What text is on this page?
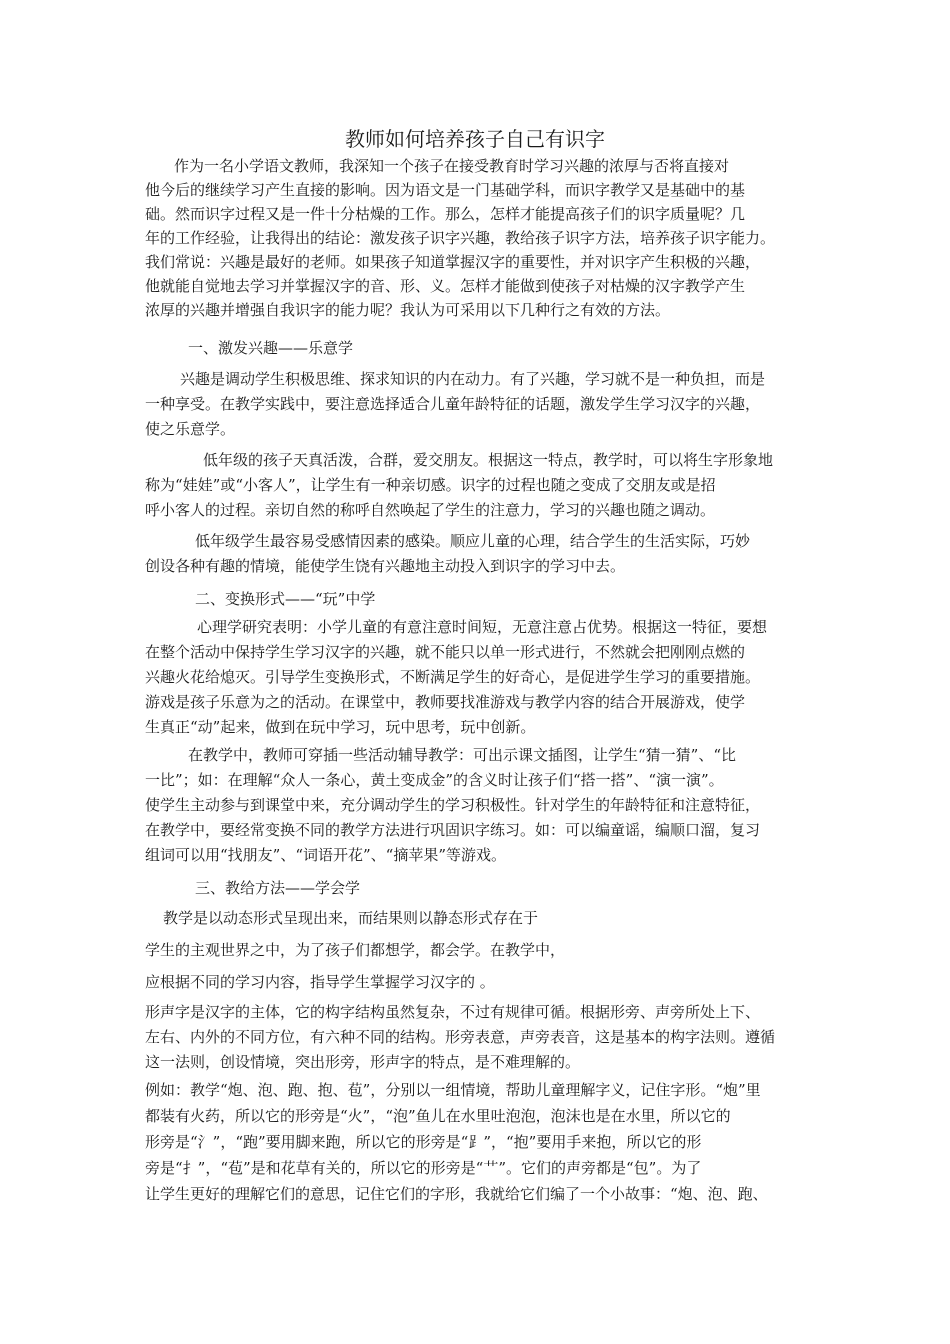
教师如何培养孩子自己有识字
作为一名小学语文教师，我深知一个孩子在接受教育时学习兴趣的浓厚与否将直接对
他今后的继续学习产生直接的影响。因为语文是一门基础学科，而识字教学又是基础中的基
础。然而识字过程又是一件十分枯燥的工作。那么，怎样才能提高孩子们的识字质量呢？几
年的工作经验，让我得出的结论：激发孩子识字兴趣，教给孩子识字方法，培养孩子识字能力。
我们常说：兴趣是最好的老师。如果孩子知道掌握汉字的重要性，并对识字产生积极的兴趣，
他就能自觉地去学习并掌握汉字的音、形、义。怎样才能做到使孩子对枯燥的汉字教学产生
浓厚的兴趣并增强自我识字的能力呢？我认为可采用以下几种行之有效的方法。
一、激发兴趣——乐意学
兴趣是调动学生积极思维、探求知识的内在动力。有了兴趣，学习就不是一种负担，而是
一种享受。在教学实践中，要注意选择适合儿童年龄特征的话题，激发学生学习汉字的兴趣，
使之乐意学。
低年级的孩子天真活泼，合群，爱交朋友。根据这一特点，教学时，可以将生字形象地
称为“娃娃”或“小客人”，让学生有一种亲切感。识字的过程也随之变成了交朋友或是招
呼小客人的过程。亲切自然的称呼自然唤起了学生的注意力，学习的兴趣也随之调动。
低年级学生最容易受感情因素的感染。顺应儿童的心理，结合学生的生活实际，巧妙
创设各种有趣的情境，能使学生饶有兴趣地主动投入到识字的学习中去。
二、变换形式——“玩”中学
心理学研究表明：小学儿童的有意注意时间短，无意注意占优势。根据这一特征，要想
在整个活动中保持学生学习汉字的兴趣，就不能只以单一形式进行，不然就会把刚刚点燃的
兴趣火花给熄灭。引导学生变换形式，不断满足学生的好奇心，是促进学生学习的重要措施。
游戏是孩子乐意为之的活动。在课堂中，教师要找准游戏与教学内容的结合开展游戏，使学
生真正“动”起来，做到在玩中学习，玩中思考，玩中创新。
在教学中，教师可穿插一些活动辅导教学：可出示课文插图，让学生“猜一猜”、“比
一比”；如：在理解“众人一条心，黄土变成金”的含义时让孩子们“搭一搭”、“演一演”。
使学生主动参与到课堂中来，充分调动学生的学习积极性。针对学生的年龄特征和注意特征，
在教学中，要经常变换不同的教学方法进行巩固识字练习。如：可以编童谣，编顺口溜，复习
组词可以用“找朋友”、“词语开花”、“摘苹果”等游戏。
三、教给方法——学会学
教学是以动态形式呈现出来，而结果则以静态形式存在于
学生的主观世界之中，为了孩子们都想学，都会学。在教学中，
应根据不同的学习内容，指导学生掌握学习汉字的 。
形声字是汉字的主体，它的构字结构虽然复杂，不过有规律可循。根据形旁、声旁所处上下、
左右、内外的不同方位，有六种不同的结构。形旁表意，声旁表音，这是基本的构字法则。遵循
这一法则，创设情境，突出形旁，形声字的特点，是不难理解的。
例如：教学“炮、泡、跑、抱、苞”，分别以一组情境，帮助儿童理解字义，记住字形。“炮”里
都装有火药，所以它的形旁是“火”，“泡”鱼儿在水里吐泡泡，泡沫也是在水里，所以它的
形旁是“氵”，“跑”要用脚来跑，所以它的形旁是“⻊”，“抱”要用手来抱，所以它的形
旁是“扌”，“苞”是和花草有关的，所以它的形旁是“艹”。它们的声旁都是“包”。为了
让学生更好的理解它们的意思，记住它们的字形，我就给它们编了一个小故事：“炮、泡、跑、
